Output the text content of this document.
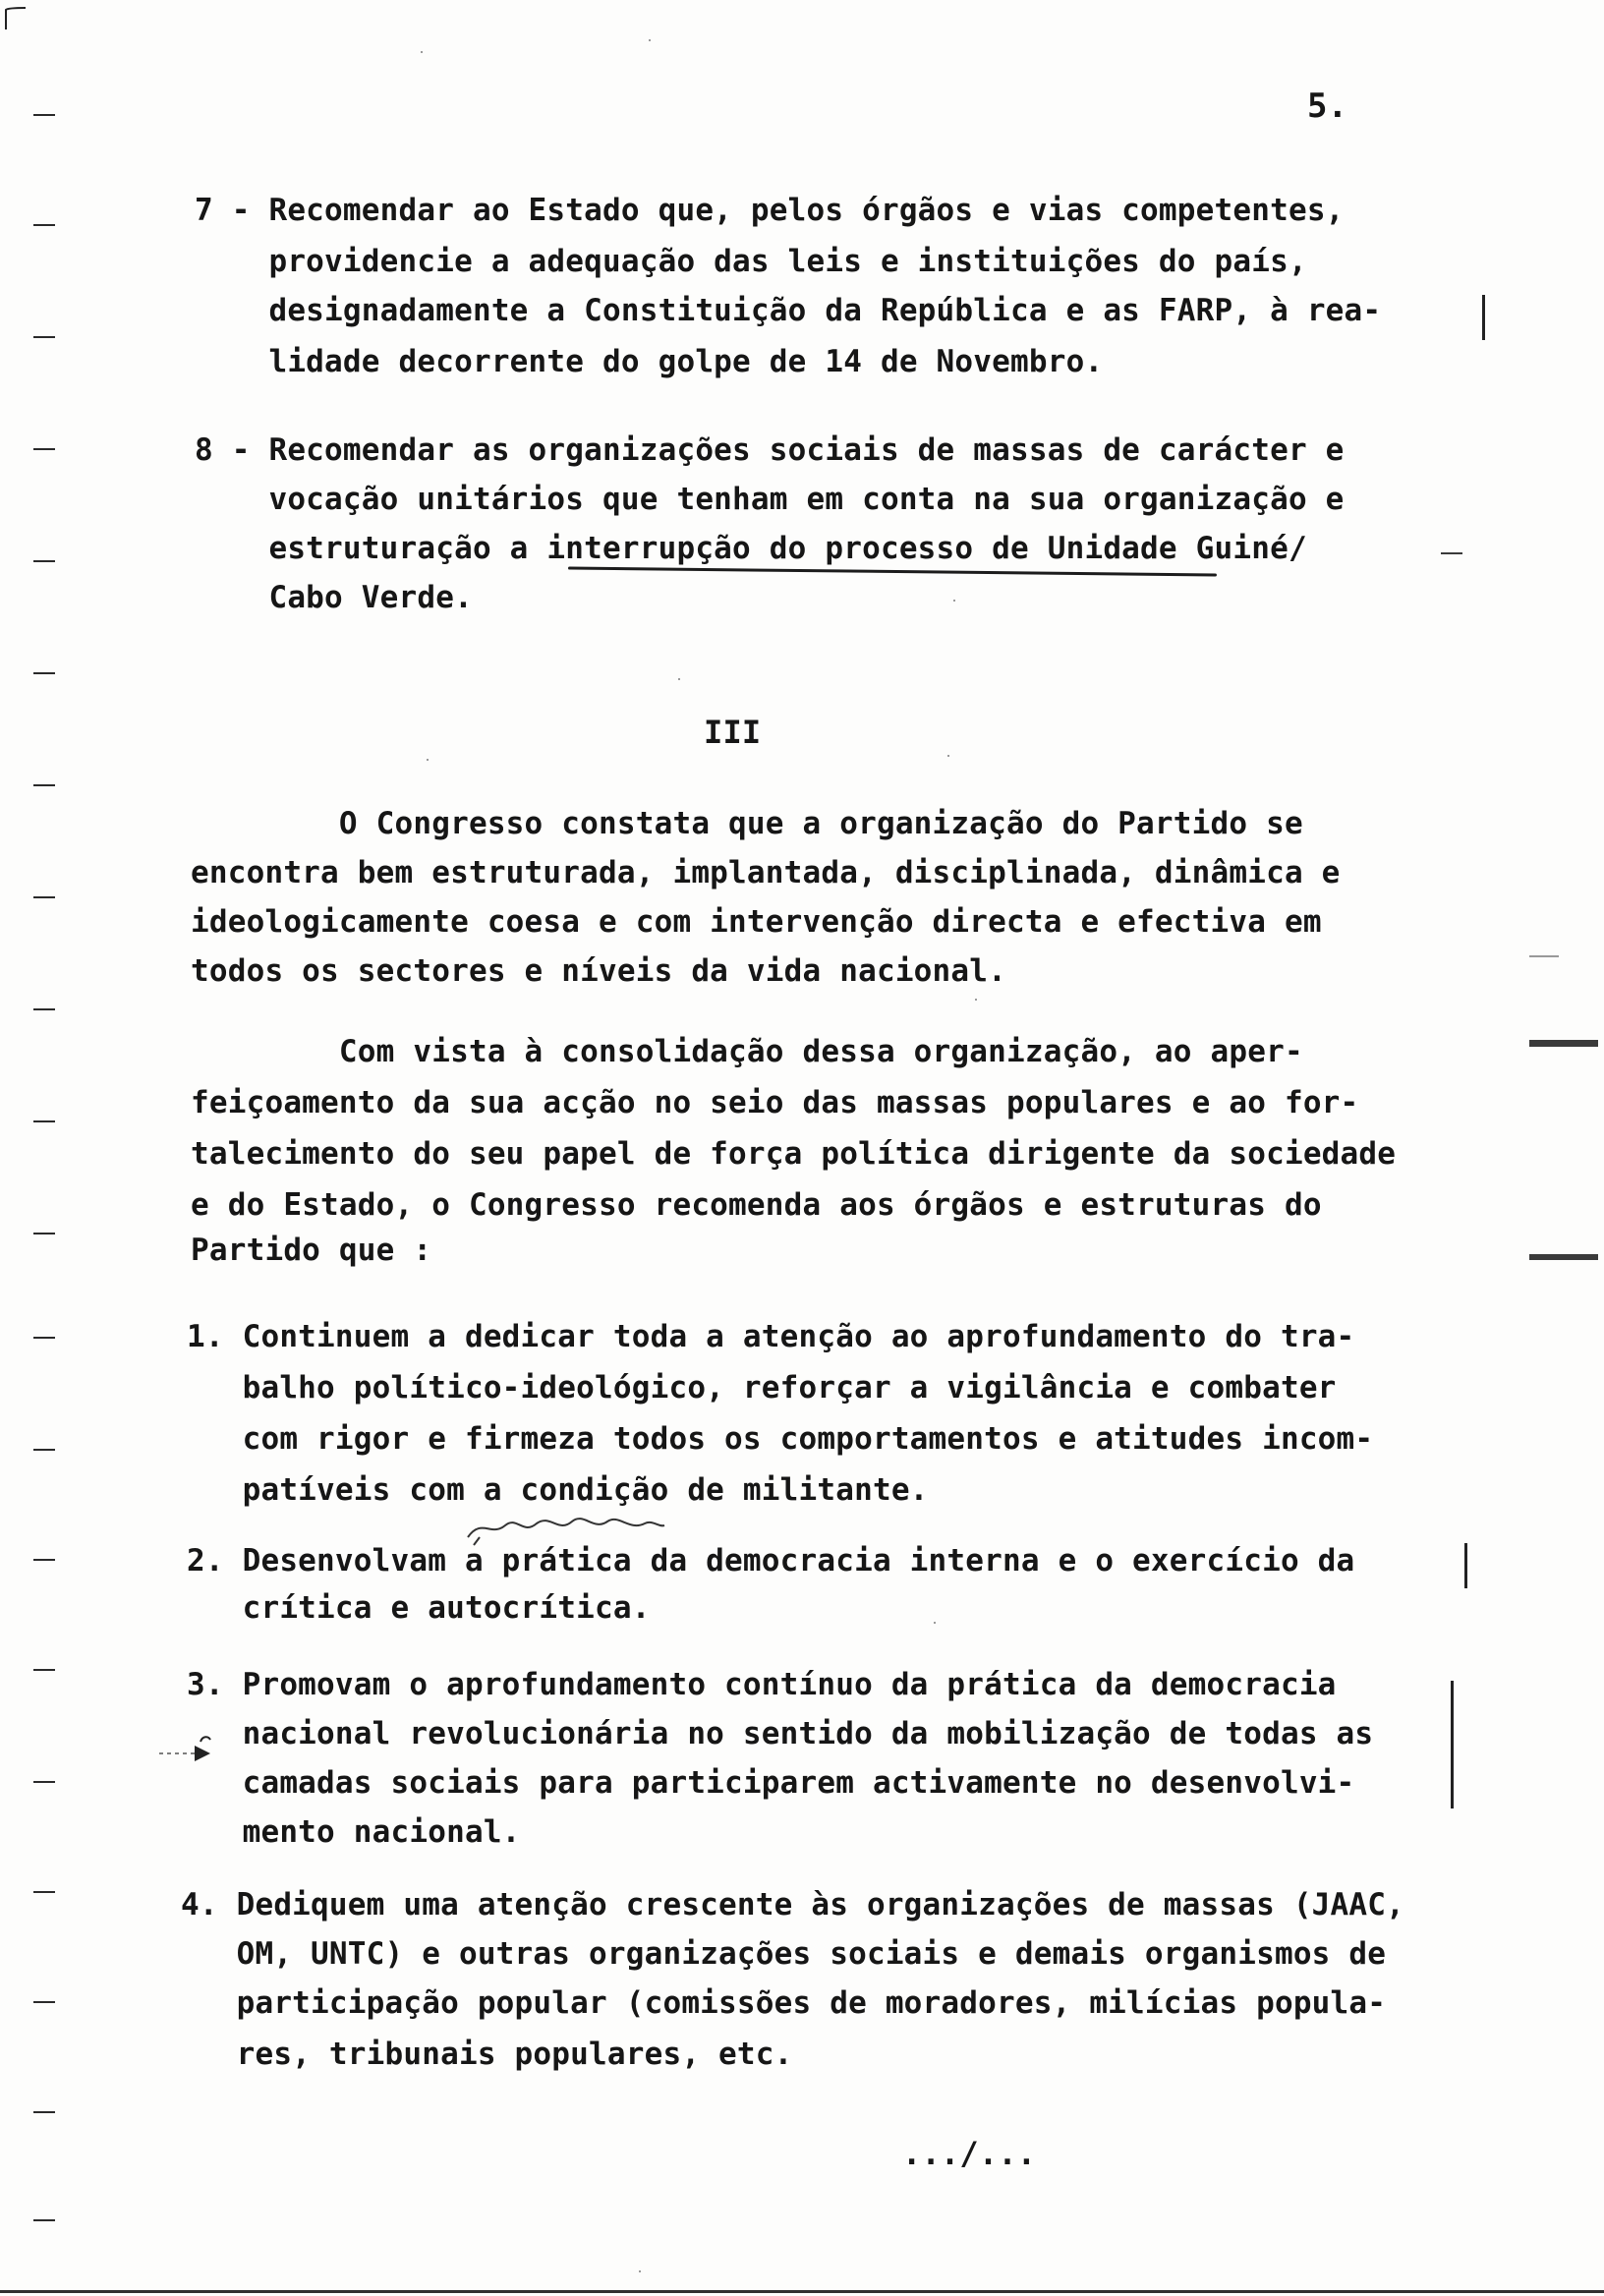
5.
7 - Recomendar ao Estado que, pelos órgãos e vias competentes,
providencie a adequação das leis e instituições do país,
designadamente a Constituição da República e as FARP, à rea-
lidade decorrente do golpe de 14 de Novembro.
8 - Recomendar as organizações sociais de massas de carácter e
vocação unitários que tenham em conta na sua organização e
estruturação a interrupção do processo de Unidade Guiné/
Cabo Verde.
III
O Congresso constata que a organização do Partido se
encontra bem estruturada, implantada, disciplinada, dinâmica e
ideologicamente coesa e com intervenção directa e efectiva em
todos os sectores e níveis da vida nacional.
Com vista à consolidação dessa organização, ao aper-
feiçoamento da sua acção no seio das massas populares e ao for-
talecimento do seu papel de força política dirigente da sociedade
e do Estado, o Congresso recomenda aos órgãos e estruturas do
Partido que :
1. Continuem a dedicar toda a atenção ao aprofundamento do tra-
balho político-ideológico, reforçar a vigilância e combater
com rigor e firmeza todos os comportamentos e atitudes incom-
patíveis com a condição de militante.
2. Desenvolvam a prática da democracia interna e o exercício da
crítica e autocrítica.
3. Promovam o aprofundamento contínuo da prática da democracia
nacional revolucionária no sentido da mobilização de todas as
camadas sociais para participarem activamente no desenvolvi-
mento nacional.
4. Dediquem uma atenção crescente às organizações de massas (JAAC,
OM, UNTC) e outras organizações sociais e demais organismos de
participação popular (comissões de moradores, milícias popula-
res, tribunais populares, etc.
.../...
